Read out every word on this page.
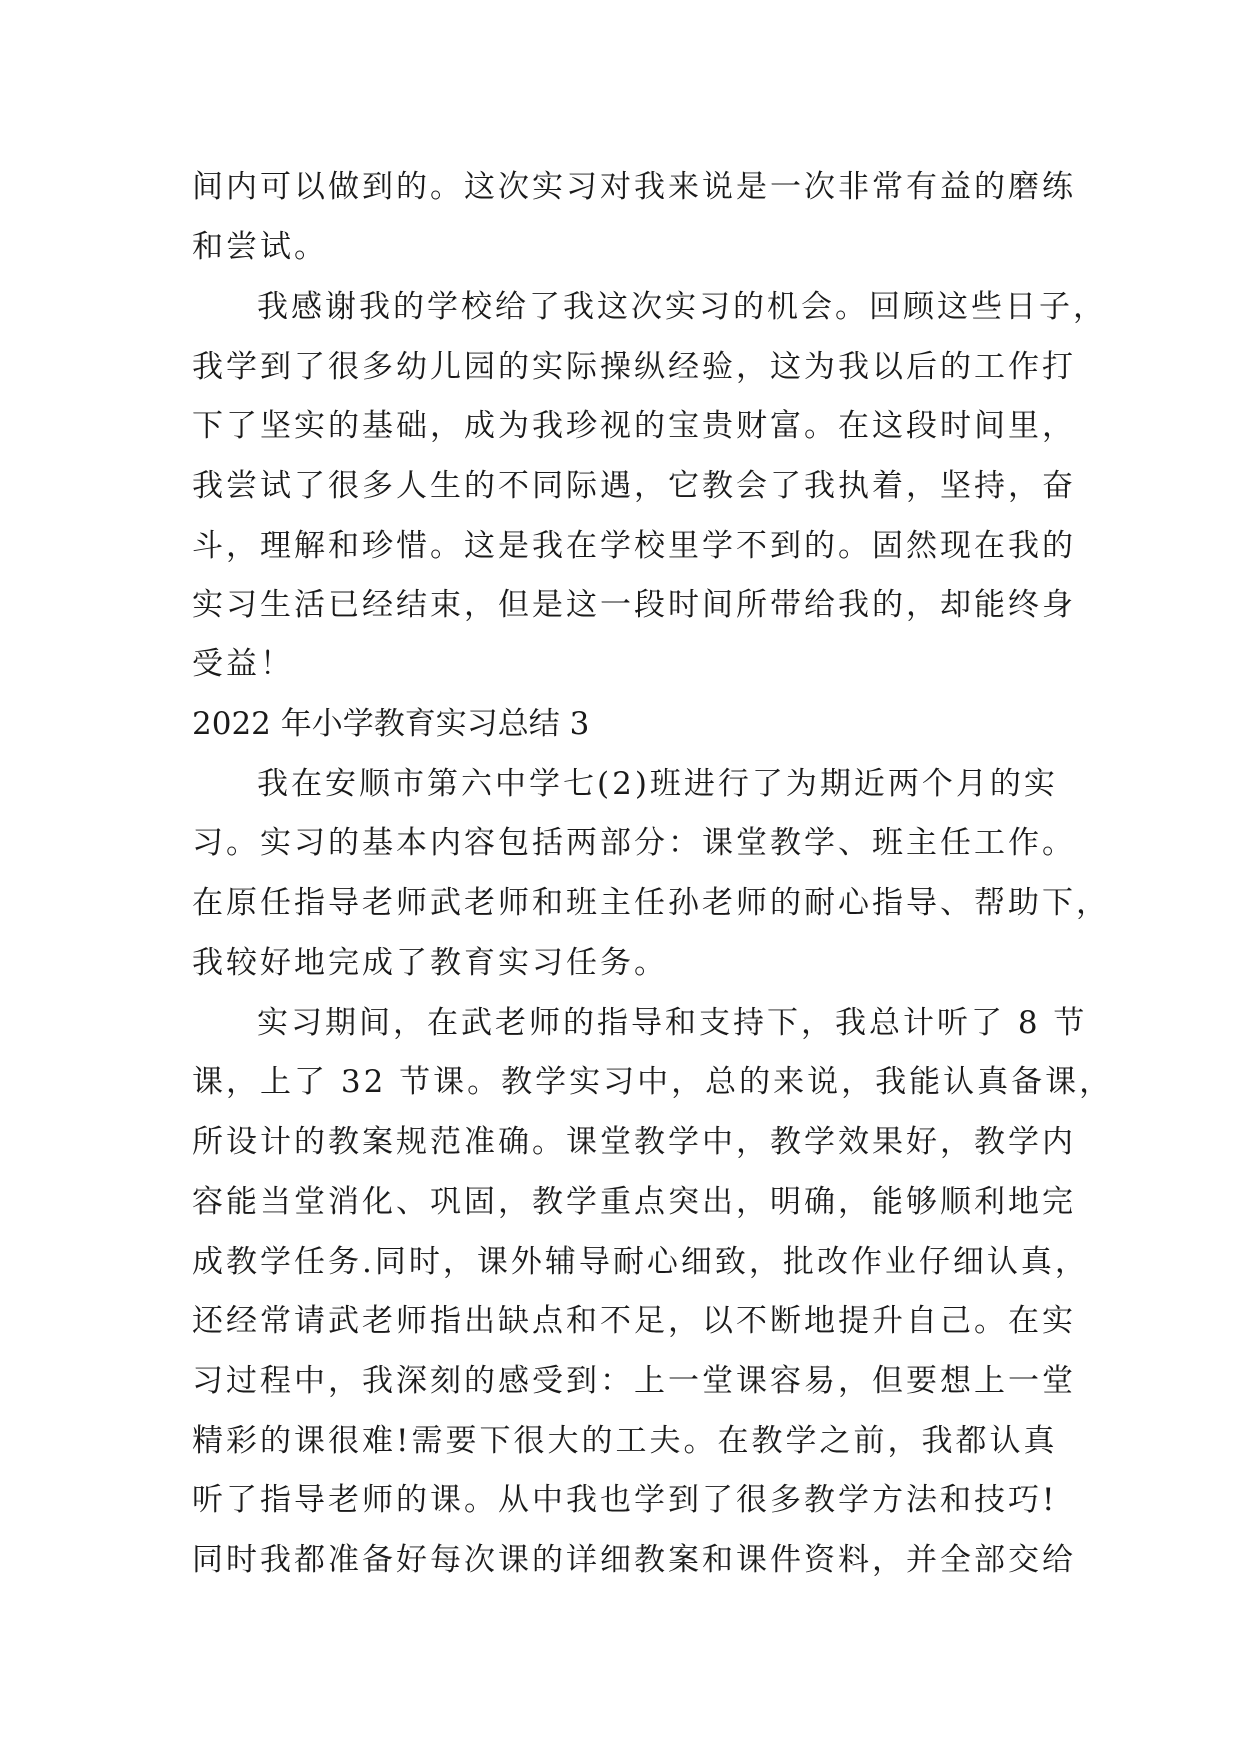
间内可以做到的。这次实习对我来说是一次非常有益的磨练
和尝试。
我感谢我的学校给了我这次实习的机会。回顾这些日子，
我学到了很多幼儿园的实际操纵经验，这为我以后的工作打
下了坚实的基础，成为我珍视的宝贵财富。在这段时间里，
我尝试了很多人生的不同际遇，它教会了我执着，坚持，奋
斗，理解和珍惜。这是我在学校里学不到的。固然现在我的
实习生活已经结束，但是这一段时间所带给我的，却能终身
受益！
2022 年小学教育实习总结 3
我在安顺市第六中学七(2)班进行了为期近两个月的实
习。实习的基本内容包括两部分：课堂教学、班主任工作。
在原任指导老师武老师和班主任孙老师的耐心指导、帮助下，
我较好地完成了教育实习任务。
实习期间，在武老师的指导和支持下，我总计听了 8 节
课，上了 32 节课。教学实习中，总的来说，我能认真备课，
所设计的教案规范准确。课堂教学中，教学效果好，教学内
容能当堂消化、巩固，教学重点突出，明确，能够顺利地完
成教学任务.同时，课外辅导耐心细致，批改作业仔细认真，
还经常请武老师指出缺点和不足，以不断地提升自己。在实
习过程中，我深刻的感受到：上一堂课容易，但要想上一堂
精彩的课很难!需要下很大的工夫。在教学之前，我都认真
听了指导老师的课。从中我也学到了很多教学方法和技巧!
同时我都准备好每次课的详细教案和课件资料，并全部交给
